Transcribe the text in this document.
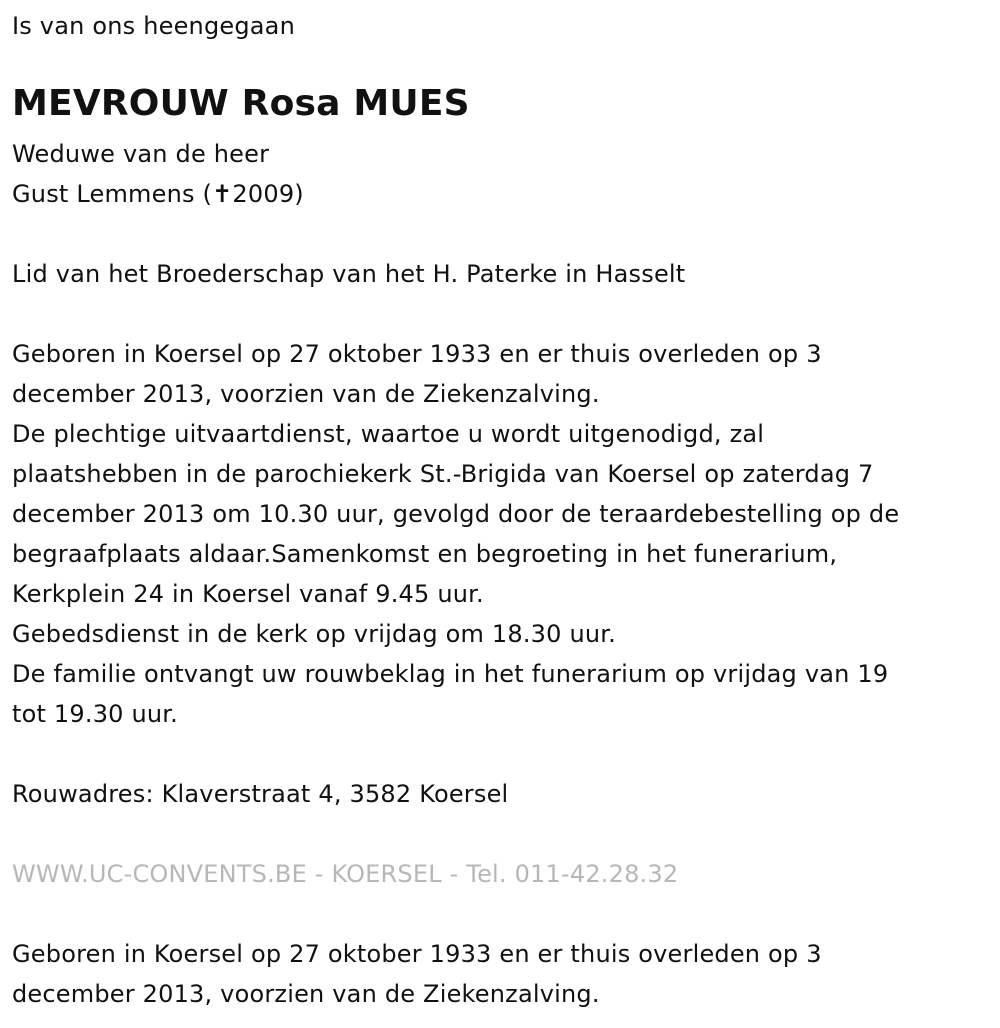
Is van ons heengegaan
MEVROUW Rosa MUES
Weduwe van de heer
Gust Lemmens (✝2009)
Lid van het Broederschap van het H. Paterke in Hasselt
Geboren in Koersel op 27 oktober 1933 en er thuis overleden op 3
december 2013, voorzien van de Ziekenzalving.
De plechtige uitvaartdienst, waartoe u wordt uitgenodigd, zal
plaatshebben in de parochiekerk St.-Brigida van Koersel op zaterdag 7
december 2013 om 10.30 uur, gevolgd door de teraardebestelling op de
begraafplaats aldaar.Samenkomst en begroeting in het funerarium,
Kerkplein 24 in Koersel vanaf 9.45 uur.
Gebedsdienst in de kerk op vrijdag om 18.30 uur.
De familie ontvangt uw rouwbeklag in het funerarium op vrijdag van 19
tot 19.30 uur.
Rouwadres: Klaverstraat 4, 3582 Koersel
WWW.UC-CONVENTS.BE - KOERSEL - Tel. 011-42.28.32
Geboren in Koersel op 27 oktober 1933 en er thuis overleden op 3
december 2013, voorzien van de Ziekenzalving.
